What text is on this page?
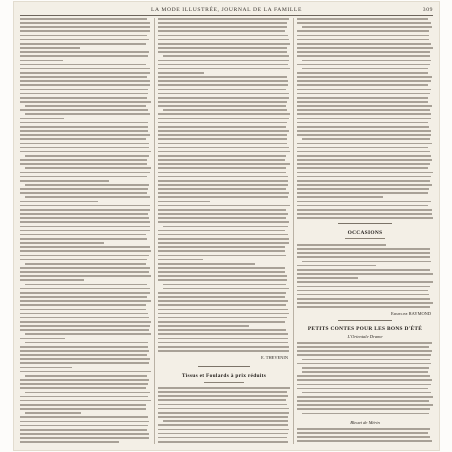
LA MODE ILLUSTRÉE, JOURNAL DE LA FAMILLE	309
E. THEVENIN
Tissus et Foulards à prix réduits
OCCASIONS
Emmeline RAYMOND
PETITS CONTES POUR LES BONS D'ÉTÉ
L'Orientale Drame
Bleuet de Mérin
